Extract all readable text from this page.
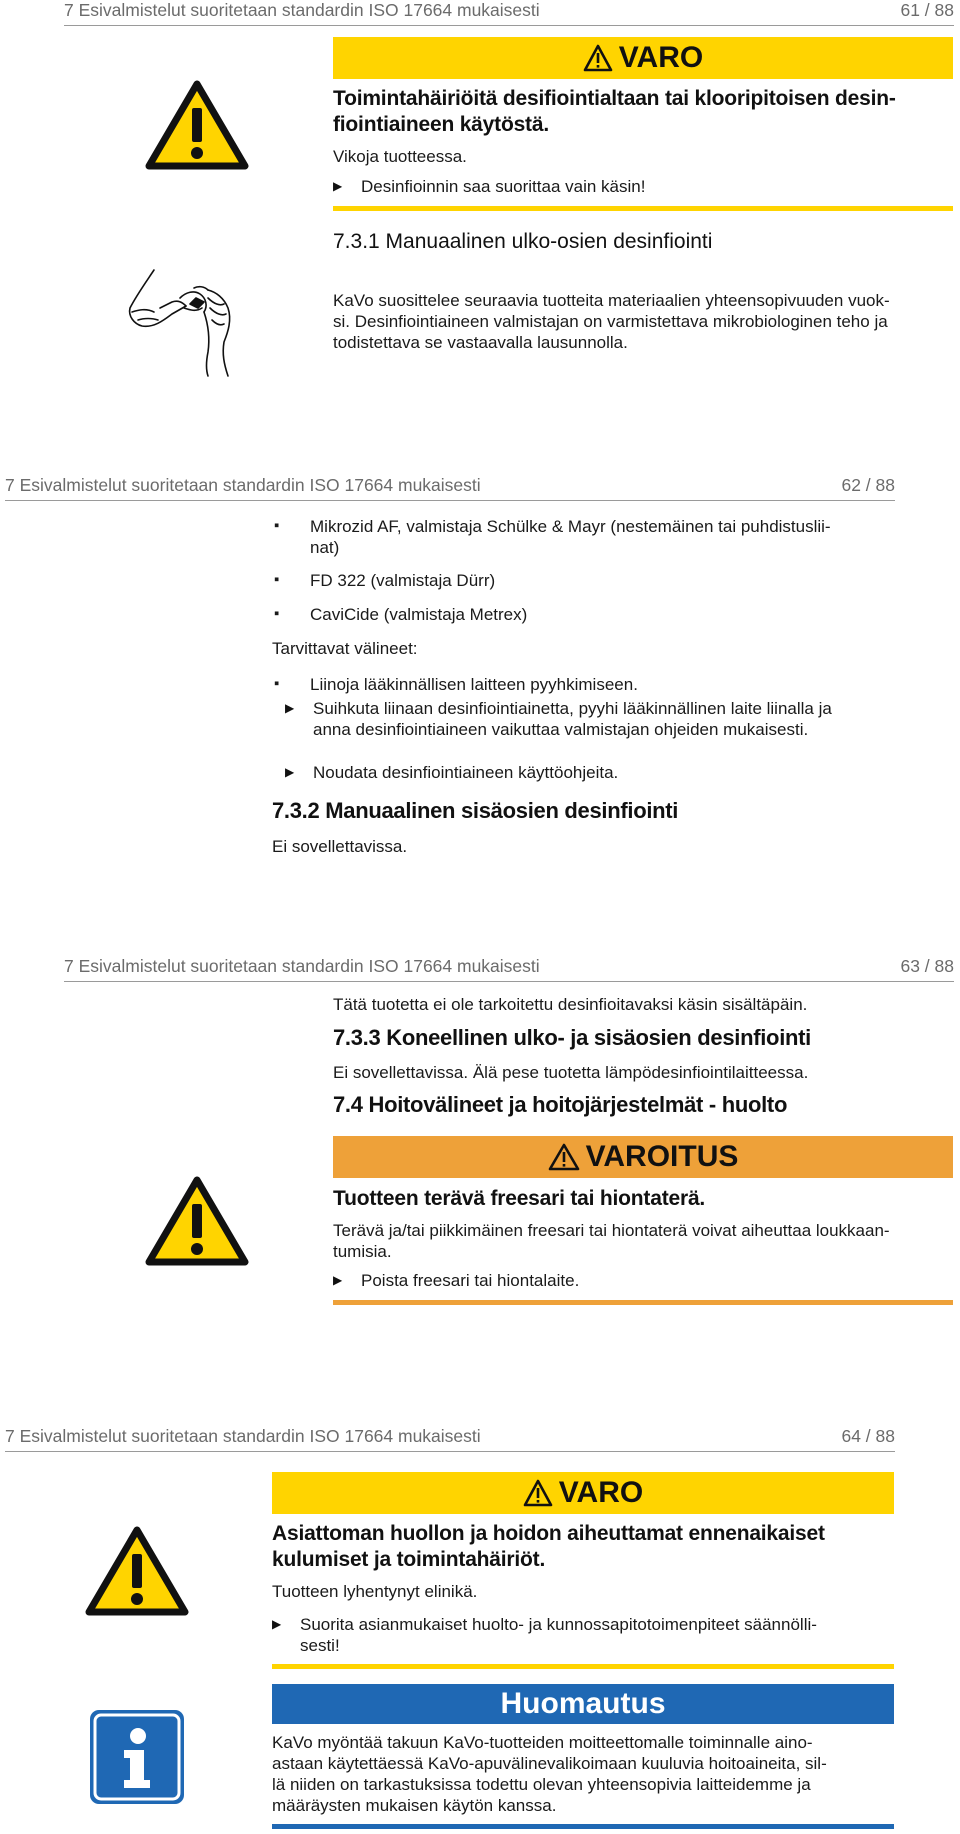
7 Esivalmistelut suoritetaan standardin ISO 17664 mukaisesti	61 / 88
VARO
Toimintahäiriöitä desifiointialtaan tai klooripitoisen desin-
fiointiaineen käytöstä.
Vikoja tuotteessa.
▶	Desinfioinnin saa suorittaa vain käsin!
7.3.1 Manuaalinen ulko-osien desinfiointi
KaVo suosittelee seuraavia tuotteita materiaalien yhteensopivuuden vuok-
si. Desinfiointiaineen valmistajan on varmistettava mikrobiologinen teho ja
todistettava se vastaavalla lausunnolla.
7 Esivalmistelut suoritetaan standardin ISO 17664 mukaisesti	62 / 88
▪	Mikrozid AF, valmistaja Schülke & Mayr (nestemäinen tai puhdistuslii-
nat)
▪	FD 322 (valmistaja Dürr)
▪	CaviCide (valmistaja Metrex)
Tarvittavat välineet:
▪	Liinoja lääkinnällisen laitteen pyyhkimiseen.
▶	Suihkuta liinaan desinfiointiainetta, pyyhi lääkinnällinen laite liinalla ja
anna desinfiointiaineen vaikuttaa valmistajan ohjeiden mukaisesti.
▶	Noudata desinfiointiaineen käyttöohjeita.
7.3.2 Manuaalinen sisäosien desinfiointi
Ei sovellettavissa.
7 Esivalmistelut suoritetaan standardin ISO 17664 mukaisesti	63 / 88
Tätä tuotetta ei ole tarkoitettu desinfioitavaksi käsin sisältäpäin.
7.3.3 Koneellinen ulko- ja sisäosien desinfiointi
Ei sovellettavissa. Älä pese tuotetta lämpödesinfiointilaitteessa.
7.4 Hoitovälineet ja hoitojärjestelmät - huolto
VAROITUS
Tuotteen terävä freesari tai hiontaterä.
Terävä ja/tai piikkimäinen freesari tai hiontaterä voivat aiheuttaa loukkaan-
tumisia.
▶	Poista freesari tai hiontalaite.
7 Esivalmistelut suoritetaan standardin ISO 17664 mukaisesti	64 / 88
VARO
Asiattoman huollon ja hoidon aiheuttamat ennenaikaiset
kulumiset ja toimintahäiriöt.
Tuotteen lyhentynyt elinikä.
▶	Suorita asianmukaiset huolto- ja kunnossapitotoimenpiteet säännölli-
sesti!
Huomautus
KaVo myöntää takuun KaVo-tuotteiden moitteettomalle toiminnalle aino-
astaan käytettäessä KaVo-apuvälinevalikoimaan kuuluvia hoitoaineita, sil-
lä niiden on tarkastuksissa todettu olevan yhteensopivia laitteidemme ja
määräysten mukaisen käytön kanssa.
